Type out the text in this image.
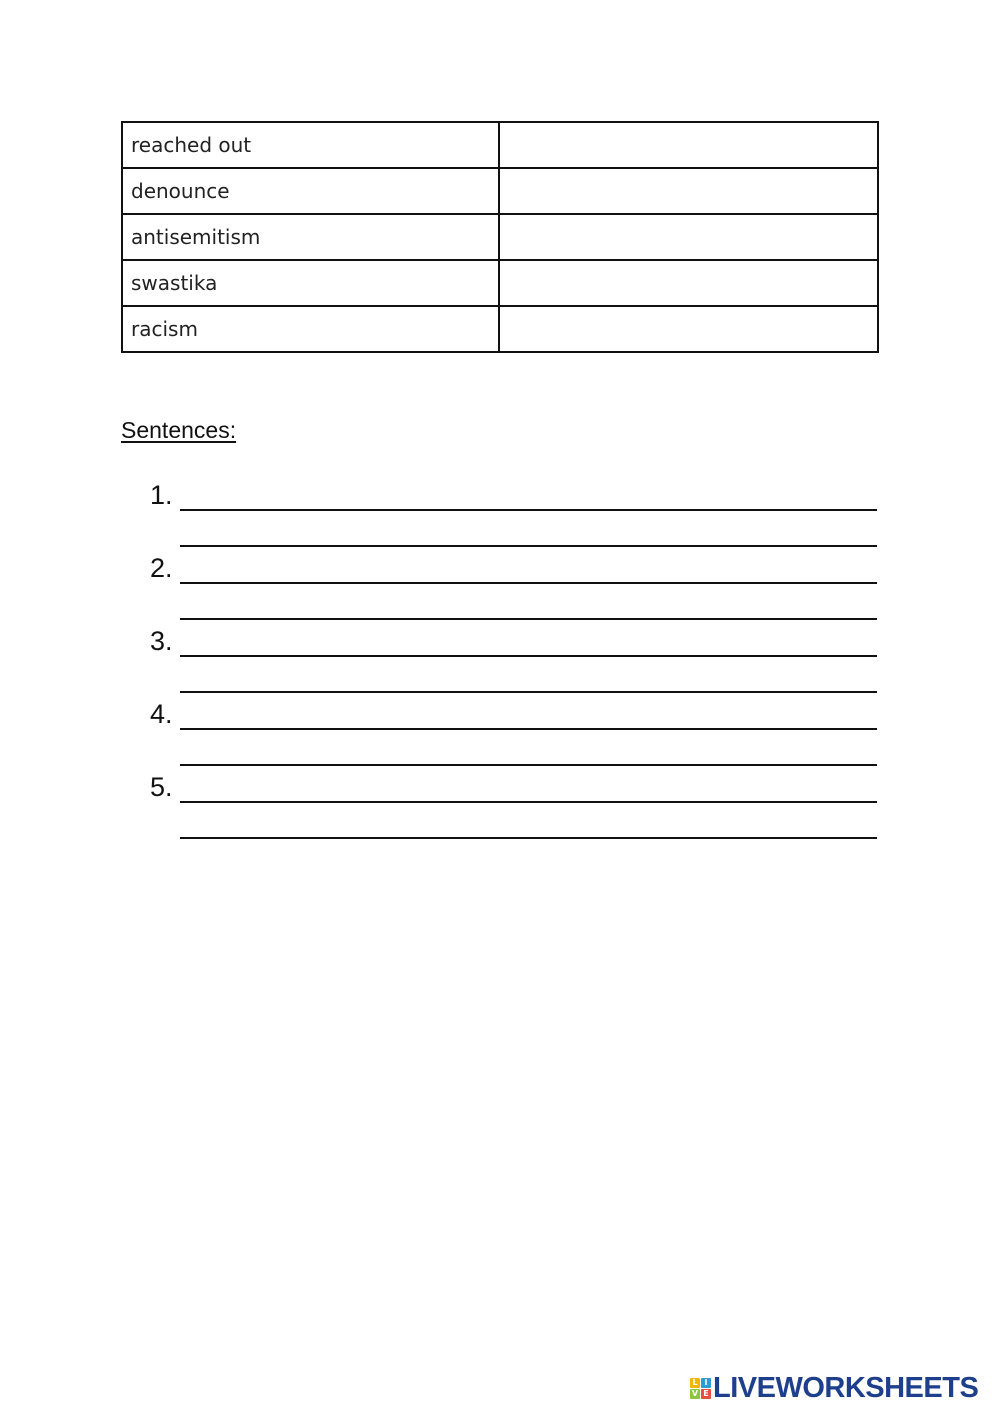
reached out	
denounce	
antisemitism	
swastika	
racism	
Sentences:
1.
2.
3.
4.
5.
L I
V E LIVEWORKSHEETS
